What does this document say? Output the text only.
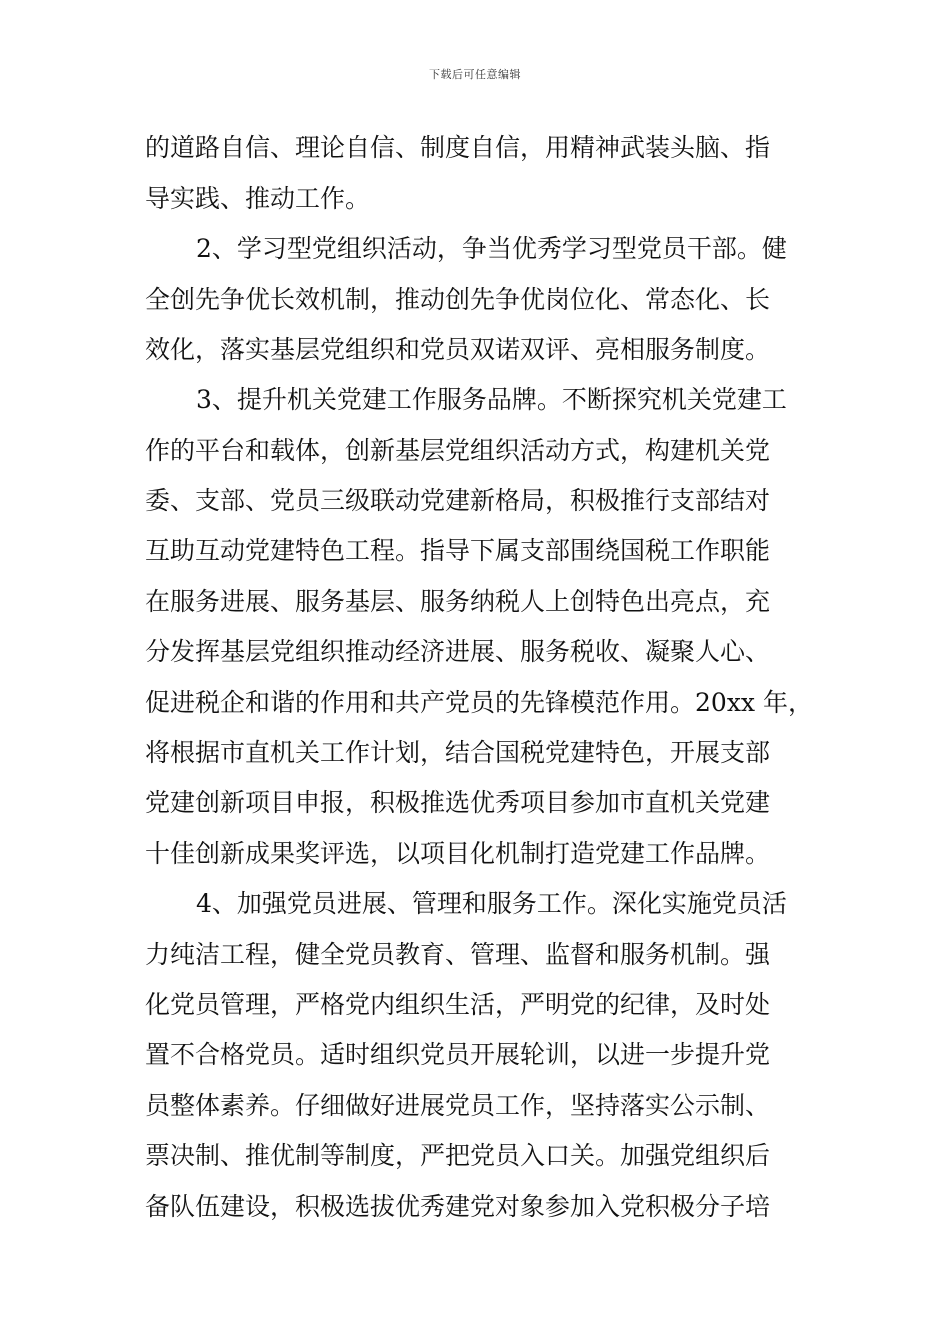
下载后可任意编辑
的道路自信、理论自信、制度自信，用精神武装头脑、指
导实践、推动工作。
2、学习型党组织活动，争当优秀学习型党员干部。健
全创先争优长效机制，推动创先争优岗位化、常态化、长
效化，落实基层党组织和党员双诺双评、亮相服务制度。
3、提升机关党建工作服务品牌。不断探究机关党建工
作的平台和载体，创新基层党组织活动方式，构建机关党
委、支部、党员三级联动党建新格局，积极推行支部结对
互助互动党建特色工程。指导下属支部围绕国税工作职能
在服务进展、服务基层、服务纳税人上创特色出亮点，充
分发挥基层党组织推动经济进展、服务税收、凝聚人心、
促进税企和谐的作用和共产党员的先锋模范作用。20xx 年，
将根据市直机关工作计划，结合国税党建特色，开展支部
党建创新项目申报，积极推选优秀项目参加市直机关党建
十佳创新成果奖评选，以项目化机制打造党建工作品牌。
4、加强党员进展、管理和服务工作。深化实施党员活
力纯洁工程，健全党员教育、管理、监督和服务机制。强
化党员管理，严格党内组织生活，严明党的纪律，及时处
置不合格党员。适时组织党员开展轮训，以进一步提升党
员整体素养。仔细做好进展党员工作，坚持落实公示制、
票决制、推优制等制度，严把党员入口关。加强党组织后
备队伍建设，积极选拔优秀建党对象参加入党积极分子培
